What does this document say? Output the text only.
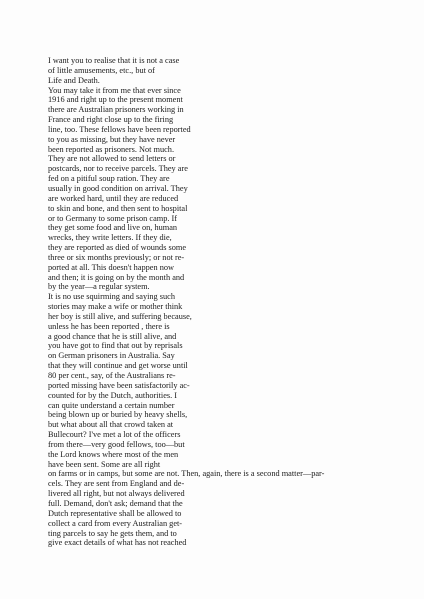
I want you to realise that it is not a case
of little amusements, etc., but of
Life and Death.
You may take it from me that ever since
1916 and right up to the present moment
there are Australian prisoners working in
France and right close up to the firing
line, too. These fellows have been reported
to you as missing, but they have never
been reported as prisoners. Not much.
They are not allowed to send letters or
postcards, nor to receive parcels. They are
fed on a pitiful soup ration. They are
usually in good condition on arrival. They
are worked hard, until they are reduced
to skin and bone, and then sent to hospital
or to Germany to some prison camp. If
they get some food and live on, human
wrecks, they write letters. If they die,
they are reported as died of wounds some
three or six months previously; or not re-
ported at all. This doesn't happen now
and then; it is going on by the month and
by the year—a regular system.
It is no use squirming and saying such
stories may make a wife or mother think
her boy is still alive, and suffering because,
unless he has been reported , there is
a good chance that he is still alive, and
you have got to find that out by reprisals
on German prisoners in Australia. Say
that they will continue and get worse until
80 per cent., say, of the Australians re-
ported missing have been satisfactorily ac-
counted for by the Dutch, authorities. I
can quite understand a certain number
being blown up or buried by heavy shells,
but what about all that crowd taken at
Bullecourt? I've met a lot of the officers
from there—very good fellows, too—but
the Lord knows where most of the men
have been sent. Some are all right
on farms or in camps, but some are not. Then, again, there is a second matter—par-
cels. They are sent from England and de-
livered all right, but not always delivered
full. Demand, don't ask; demand that the
Dutch representative shall be allowed to
collect a card from every Australian get-
ting parcels to say he gets them, and to
give exact details of what has not reached
